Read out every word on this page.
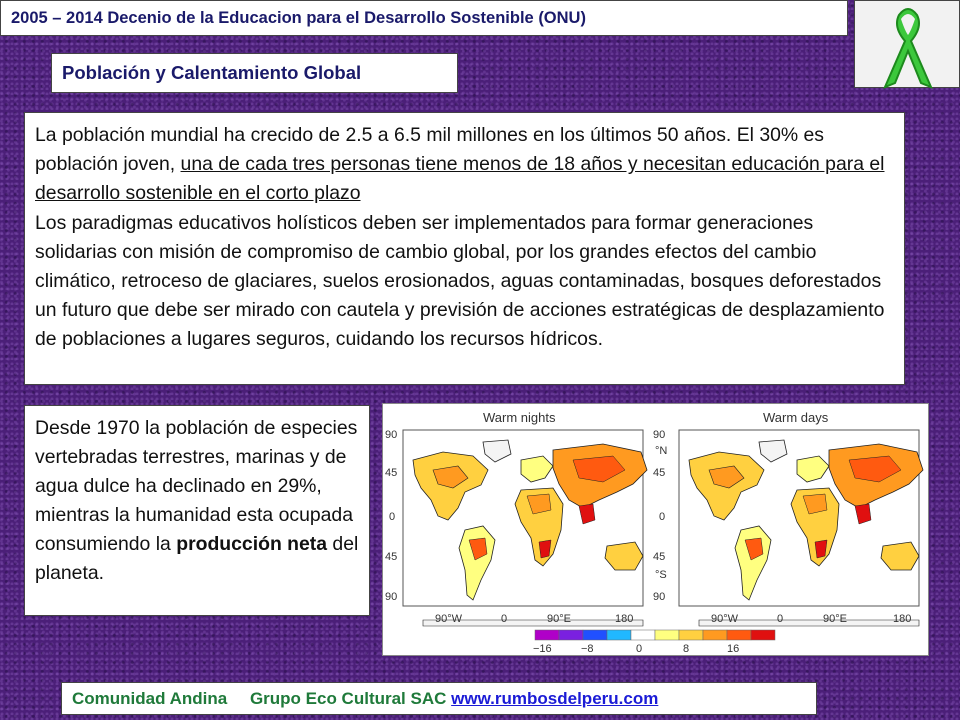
2005 – 2014 Decenio de la Educacion para el Desarrollo Sostenible (ONU)
Población y Calentamiento Global

La población mundial ha crecido de 2.5 a 6.5 mil millones en los últimos 50 años. El 30% es población joven, una de cada tres personas tiene menos de 18 años y necesitan educación para el desarrollo sostenible en el corto plazo

Los paradigmas educativos holísticos deben ser implementados para formar generaciones solidarias con misión de compromiso de cambio global, por los grandes efectos del cambio climático, retroceso de glaciares, suelos erosionados, aguas contaminadas, bosques deforestados un futuro que debe ser mirado con cautela y previsión de acciones estratégicas de desplazamiento de poblaciones a lugares seguros, cuidando los recursos hídricos.

Desde 1970 la población de especies vertebradas terrestres, marinas y de agua dulce ha declinado en 29%, mientras la humanidad esta ocupada consumiendo la producción neta del planeta.
Warm nights
90
45
0
45
90
90°W	0	90°E	180
Warm days
90
°N
45
0
45
°S
90
90°W	0	90°E	180
−16	−8	0	8	16
Comunidad Andina Grupo Eco Cultural SAC www.rumbosdelperu.com
